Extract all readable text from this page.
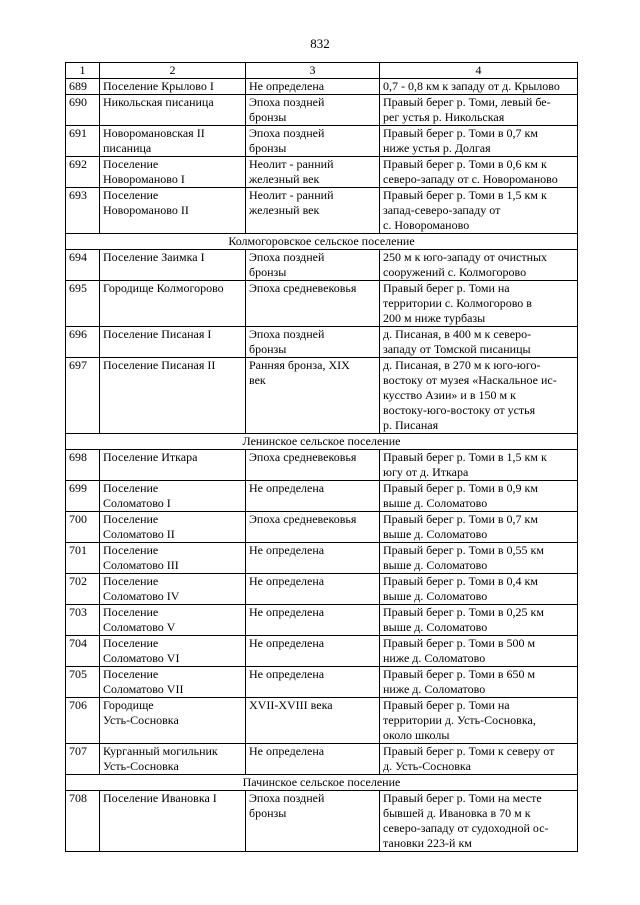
832
1	2	3	4

689	Поселение Крылово I	Не определена	0,7 - 0,8 км к западу от д. Крылово

690	Никольская писаница	Эпоха поздней
бронзы	Правый берег р. Томи, левый бе-
рег устья р. Никольская

691	Новоромановская II
писаница	Эпоха поздней
бронзы	Правый берег р. Томи в 0,7 км
ниже устья р. Долгая

692	Поселение
Новороманово I	Неолит - ранний
железный век	Правый берег р. Томи в 0,6 км к
северо-западу от с. Новороманово

693	Поселение
Новороманово II	Неолит - ранний
железный век	Правый берег р. Томи в 1,5 км к
запад-северо-западу от
с. Новороманово

Колмогоровское сельское поселение			

694	Поселение Заимка I	Эпоха поздней
бронзы	250 м к юго-западу от очистных
сооружений с. Колмогорово

695	Городище Колмогорово	Эпоха средневековья	Правый берег р. Томи на
территории с. Колмогорово в
200 м ниже турбазы

696	Поселение Писаная I	Эпоха поздней
бронзы	д. Писаная, в 400 м к северо-
западу от Томской писаницы

697	Поселение Писаная II	Ранняя бронза, XIX
век	д. Писаная, в 270 м к юго-юго-
востоку от музея «Наскальное ис-
кусство Азии» и в 150 м к
востоку-юго-востоку от устья
р. Писаная

Ленинское сельское поселение			

698	Поселение Иткара	Эпоха средневековья	Правый берег р. Томи в 1,5 км к
югу от д. Иткара

699	Поселение
Соломатово I	Не определена	Правый берег р. Томи в 0,9 км
выше д. Соломатово

700	Поселение
Соломатово II	Эпоха средневековья	Правый берег р. Томи в 0,7 км
выше д. Соломатово

701	Поселение
Соломатово III	Не определена	Правый берег р. Томи в 0,55 км
выше д. Соломатово

702	Поселение
Соломатово IV	Не определена	Правый берег р. Томи в 0,4 км
выше д. Соломатово

703	Поселение
Соломатово V	Не определена	Правый берег р. Томи в 0,25 км
выше д. Соломатово

704	Поселение
Соломатово VI	Не определена	Правый берег р. Томи в 500 м
ниже д. Соломатово

705	Поселение
Соломатово VII	Не определена	Правый берег р. Томи в 650 м
ниже д. Соломатово

706	Городище
Усть-Сосновка	XVII-XVIII века	Правый берег р. Томи на
территории д. Усть-Сосновка,
около школы

707	Курганный могильник
Усть-Сосновка	Не определена	Правый берег р. Томи к северу от
д. Усть-Сосновка

Пачинское сельское поселение			

708	Поселение Ивановка I	Эпоха поздней
бронзы	Правый берег р. Томи на месте
бывшей д. Ивановка в 70 м к
северо-западу от судоходной ос-
тановки 223-й км
